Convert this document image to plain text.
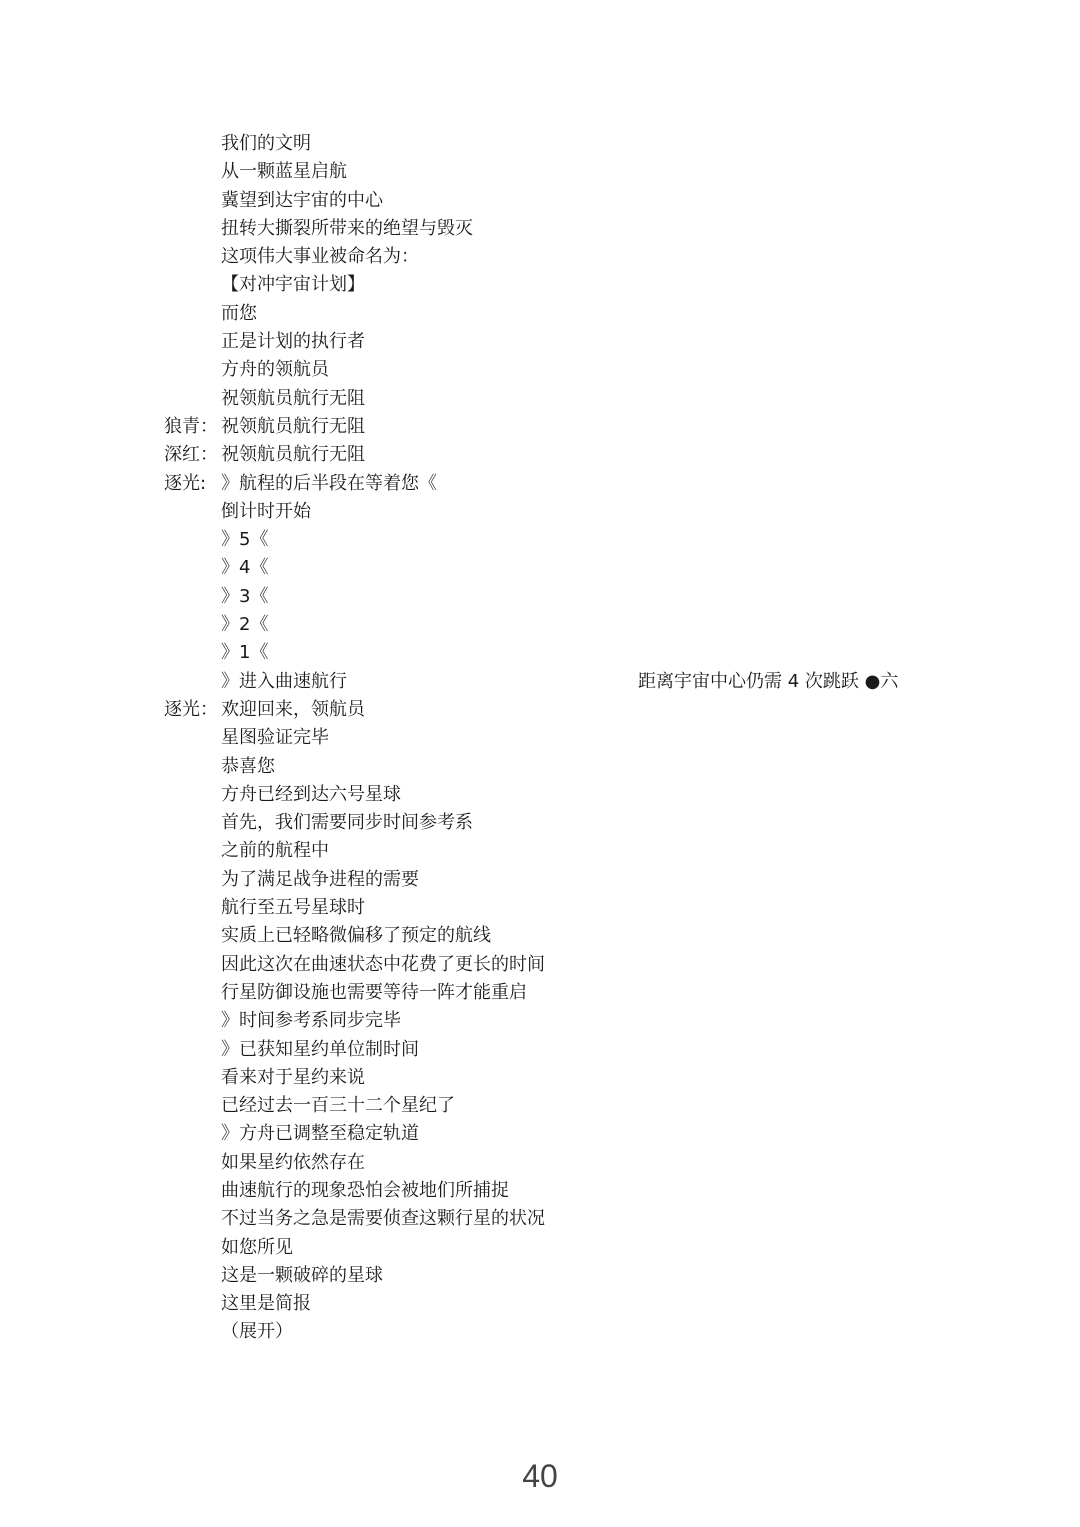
我们的文明
从一颗蓝星启航
冀望到达宇宙的中心
扭转大撕裂所带来的绝望与毁灭
这项伟大事业被命名为：
【对冲宇宙计划】
而您
正是计划的执行者
方舟的领航员
祝领航员航行无阻
狼青： 祝领航员航行无阻
深红： 祝领航员航行无阻
逐光: 》航程的后半段在等着您《
倒计时开始
》5《
》4《
》3《
》2《
》1《
》进入曲速航行	距离宇宙中心仍需 4 次跳跃 ●六
逐光： 欢迎回来，领航员
星图验证完毕
恭喜您
方舟已经到达六号星球
首先，我们需要同步时间参考系
之前的航程中
为了满足战争进程的需要
航行至五号星球时
实质上已轻略微偏移了预定的航线
因此这次在曲速状态中花费了更长的时间
行星防御设施也需要等待一阵才能重启
》时间参考系同步完毕
》已获知星约单位制时间
看来对于星约来说
已经过去一百三十二个星纪了
》方舟已调整至稳定轨道
如果星约依然存在
曲速航行的现象恐怕会被地们所捕捉
不过当务之急是需要侦查这颗行星的状况
如您所见
这是一颗破碎的星球
这里是简报
（展开）
40
